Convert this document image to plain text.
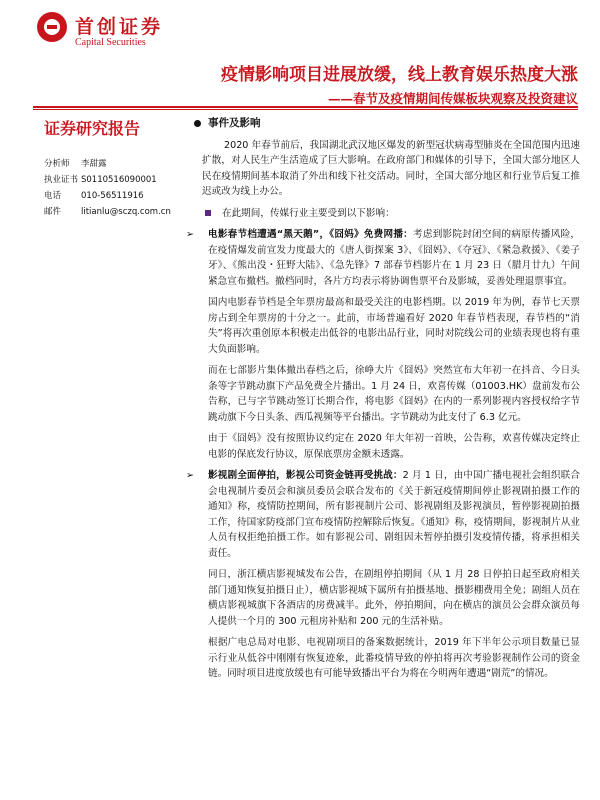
首创证券
Capital Securities
疫情影响项目进展放缓，线上教育娱乐热度大涨
——春节及疫情期间传媒板块观察及投资建议
证券研究报告
分析师 李甜露
执业证书 S0110516090001
电话 010-56511916
邮件 litianlu@sczq.com.cn
事件及影响
2020 年春节前后，我国湖北武汉地区爆发的新型冠状病毒型肺炎在全国范围内迅速扩散，对人民生产生活造成了巨大影响。在政府部门和媒体的引导下，全国大部分地区人民在疫情期间基本取消了外出和线下社交活动。同时，全国大部分地区和行业节后复工推迟或改为线上办公。
在此期间，传媒行业主要受到以下影响：
➢ 电影春节档遭遇“黑天鹅”，《囧妈》免费网播：考虑到影院封闭空间的病原传播风险，在疫情爆发前宣发力度最大的《唐人街探案 3》、《囧妈》、《夺冠》、《紧急救援》、《姜子牙》、《熊出没・狂野大陆》、《急先锋》7 部春节档影片在 1 月 23 日（腊月廿九）午间紧急宣布撤档。撤档同时，各片方均表示将协调售票平台及影城，妥善处理退票事宜。
国内电影春节档是全年票房最高和最受关注的电影档期。以 2019 年为例，春节七天票房占到全年票房的十分之一。此前，市场普遍看好 2020 年春节档表现，春节档的“消失”将再次重创原本积极走出低谷的电影出品行业，同时对院线公司的业绩表现也将有重大负面影响。
而在七部影片集体撤出春档之后，徐峥大片《囧妈》突然宣布大年初一在抖音、今日头条等字节跳动旗下产品免费全片播出。1 月 24 日，欢喜传媒（01003.HK）盘前发布公告称，已与字节跳动签订长期合作，将电影《囧妈》在内的一系列影视内容授权给字节跳动旗下今日头条、西瓜视频等平台播出。字节跳动为此支付了 6.3 亿元。
由于《囧妈》没有按照协议约定在 2020 年大年初一首映，公告称，欢喜传媒决定终止电影的保底发行协议，原保底票房金额未透露。
➢ 影视剧全面停拍，影视公司资金链再受挑战：2 月 1 日，由中国广播电视社会组织联合会电视制片委员会和演员委员会联合发布的《关于新冠疫情期间停止影视剧拍摄工作的通知》称，疫情防控期间，所有影视制片公司、影视剧组及影视演员，暂停影视剧拍摄工作，待国家防疫部门宣布疫情防控解除后恢复。《通知》称，疫情期间，影视制片从业人员有权拒绝拍摄工作。如有影视公司、剧组因未暂停拍摄引发疫情传播，将承担相关责任。
同日，浙江横店影视城发布公告，在剧组停拍期间（从 1 月 28 日停拍日起至政府相关部门通知恢复拍摄日止），横店影视城下属所有拍摄基地、摄影棚费用全免；剧组人员在横店影视城旗下各酒店的房费减半。此外，停拍期间，向在横店的演员公会群众演员每人提供一个月的 300 元租房补贴和 200 元的生活补贴。
根据广电总局对电影、电视剧项目的备案数据统计，2019 年下半年公示项目数量已显示行业从低谷中刚刚有恢复迹象，此番疫情导致的停拍将再次考验影视制作公司的资金链。同时项目进度放缓也有可能导致播出平台为将在今明两年遭遇“剧荒”的情况。
